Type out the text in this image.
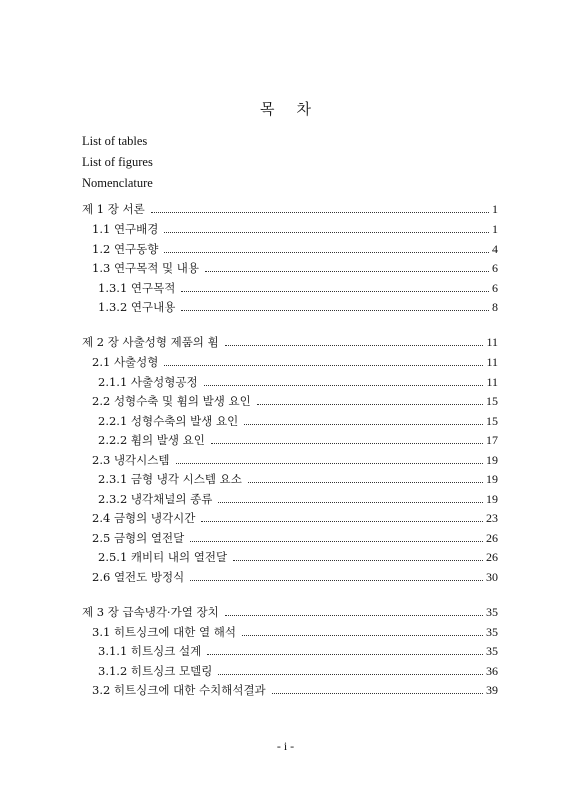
목 차
List of tables
List of figures
Nomenclature
제 1 장 서론	1
1.1 연구배경	1
1.2 연구동향	4
1.3 연구목적 및 내용	6
1.3.1 연구목적	6
1.3.2 연구내용	8
제 2 장 사출성형 제품의 휨	11
2.1 사출성형	11
2.1.1 사출성형공정	11
2.2 성형수축 및 휨의 발생 요인	15
2.2.1 성형수축의 발생 요인	15
2.2.2 휨의 발생 요인	17
2.3 냉각시스템	19
2.3.1 금형 냉각 시스템 요소	19
2.3.2 냉각채널의 종류	19
2.4 금형의 냉각시간	23
2.5 금형의 열전달	26
2.5.1 캐비티 내의 열전달	26
2.6 열전도 방정식	30
제 3 장 급속냉각·가열 장치	35
3.1 히트싱크에 대한 열 해석	35
3.1.1 히트싱크 설계	35
3.1.2 히트싱크 모델링	36
3.2 히트싱크에 대한 수치해석결과	39
- i -
